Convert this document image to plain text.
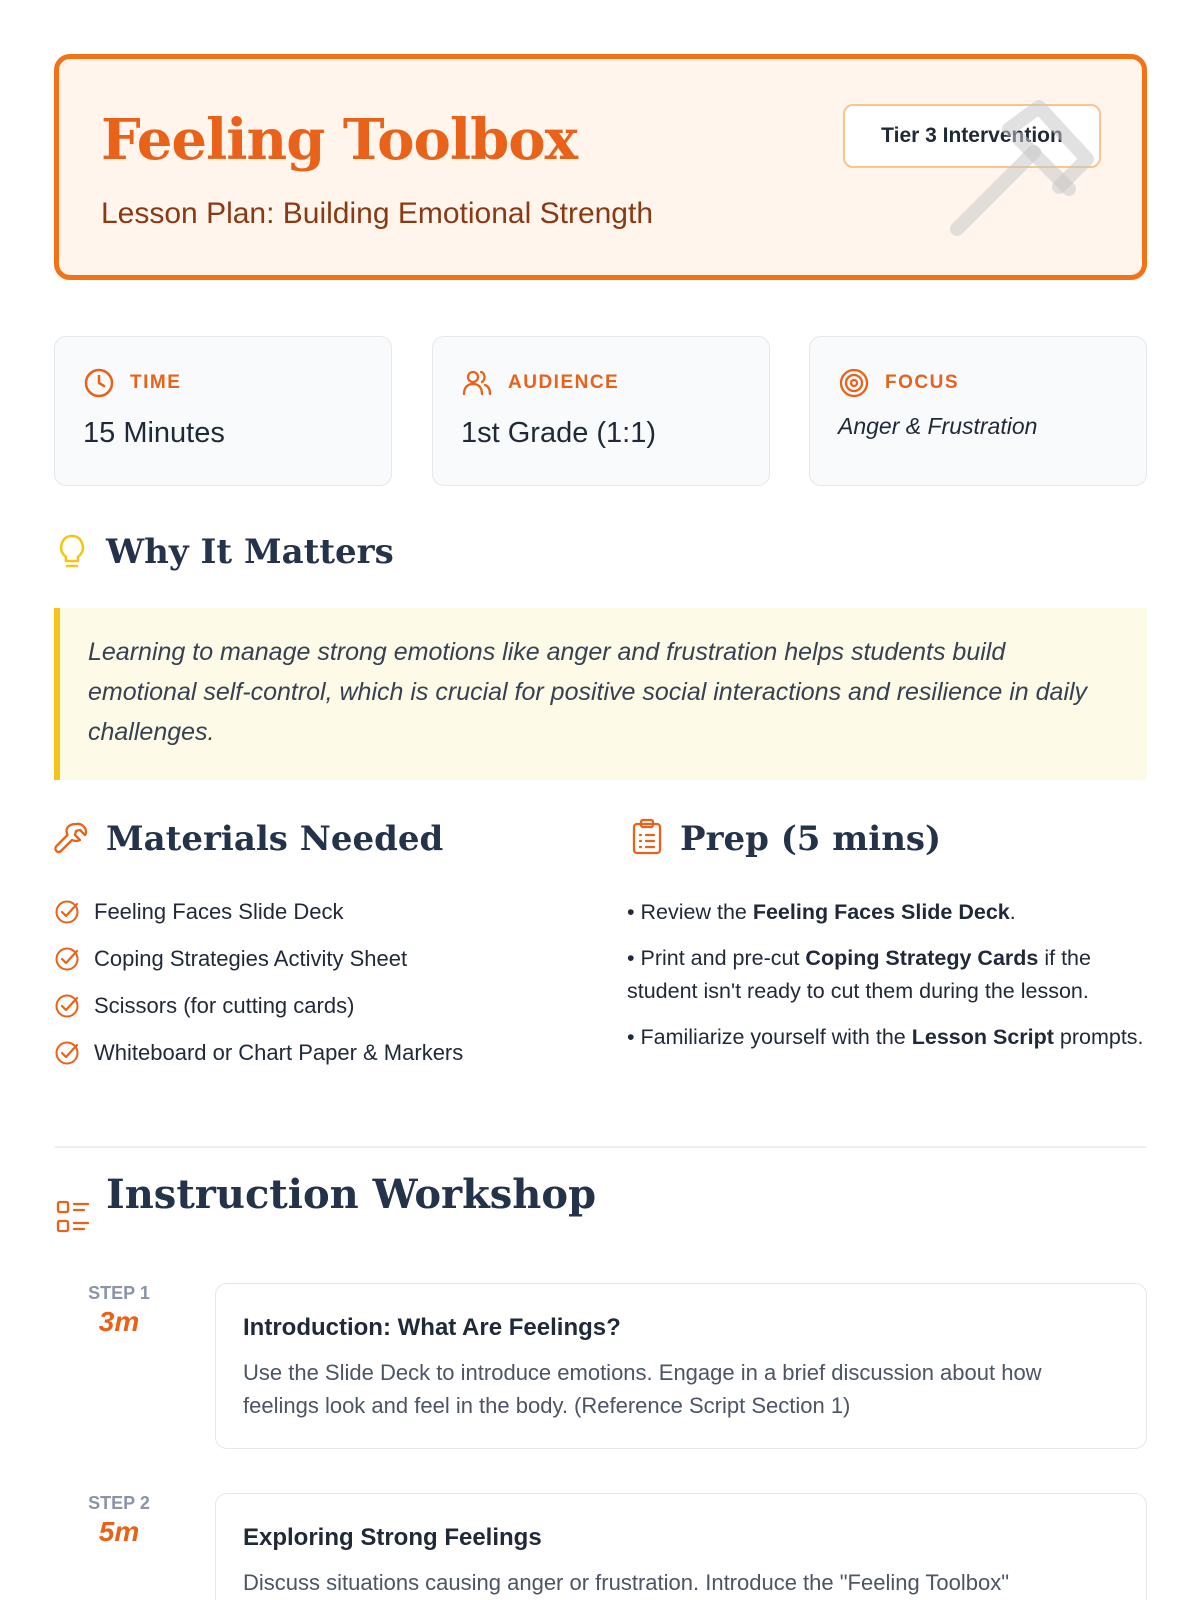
Feeling Toolbox
Lesson Plan: Building Emotional Strength
Tier 3 Intervention
TIME
15 Minutes
AUDIENCE
1st Grade (1:1)
FOCUS
Anger & Frustration
Why It Matters
Learning to manage strong emotions like anger and frustration helps students build emotional self-control, which is crucial for positive social interactions and resilience in daily challenges.
Materials Needed
Feeling Faces Slide Deck
Coping Strategies Activity Sheet
Scissors (for cutting cards)
Whiteboard or Chart Paper & Markers
Prep (5 mins)

• Review the Feeling Faces Slide Deck.

• Print and pre-cut Coping Strategy Cards if the student isn't ready to cut them during the lesson.

• Familiarize yourself with the Lesson Script prompts.

Instruction Workshop
STEP 1
3m	Introduction: What Are Feelings?
Use the Slide Deck to introduce emotions. Engage in a brief discussion about how feelings look and feel in the body. (Reference Script Section 1)
STEP 2
5m	Exploring Strong Feelings
Discuss situations causing anger or frustration. Introduce the "Feeling Toolbox"
